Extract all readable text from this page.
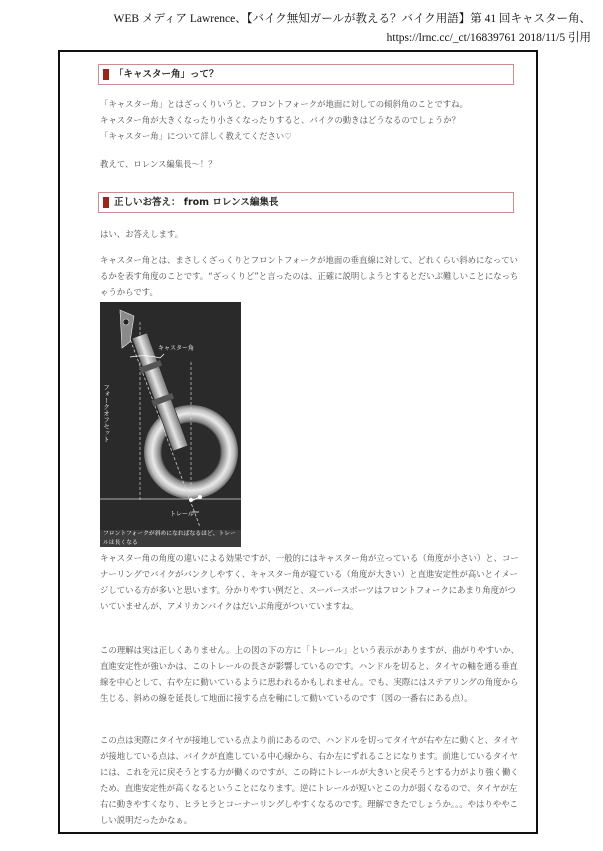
WEB メディア Lawrence、【バイク無知ガールが教える？バイク用語】第 41 回キャスター角、
https://lrnc.cc/_ct/16839761 2018/11/5 引用
「キャスター角」って？

「キャスター角」とはざっくりいうと、フロントフォークが地面に対しての傾斜角のことですね。
キャスター角が大きくなったり小さくなったりすると、バイクの動きはどうなるのでしょうか？
「キャスター角」について詳しく教えてください♡

教えて、ロレンス編集長～！？

正しいお答え： from ロレンス編集長

はい、お答えします。

キャスター角とは、まさしくざっくりとフロントフォークが地面の垂直線に対して、どれくらい斜めになっているかを表す角度のことです。“ざっくりど”と言ったのは、正確に説明しようとするとだいぶ難しいことになっちゃうからです。

キャスター角
トレール
フォークオフセット
フロントフォークが斜めになればなるほど、トレールは長くなる

キャスター角の角度の違いによる効果ですが、一般的にはキャスター角が立っている（角度が小さい）と、コーナーリングでバイクがバンクしやすく、キャスター角が寝ている（角度が大きい）と直進安定性が高いとイメージしている方が多いと思います。分かりやすい例だと、スーパースポーツはフロントフォークにあまり角度がついていませんが、アメリカンバイクはだいぶ角度がついていますね。

この理解は実は正しくありません。上の図の下の方に「トレール」という表示がありますが、曲がりやすいか、直進安定性が強いかは、このトレールの長さが影響しているのです。ハンドルを切ると、タイヤの軸を通る垂直線を中心として、右や左に動いているように思われるかもしれません。でも、実際にはステアリングの角度から生じる、斜めの線を延長して地面に接する点を軸にして動いているのです（図の一番右にある点）。

この点は実際にタイヤが接地している点より前にあるので、ハンドルを切ってタイヤが右や左に動くと、タイヤが接地している点は、バイクが直進している中心線から、右か左にずれることになります。前進しているタイヤには、これを元に戻そうとする力が働くのですが、この時にトレールが大きいと戻そうとする力がより強く働くため、直進安定性が高くなるということになります。逆にトレールが短いとこの力が弱くなるので、タイヤが左右に動きやすくなり、ヒラヒラとコーナーリングしやすくなるのです。理解できたでしょうか。。。やはりややこしい説明だったかなぁ。
